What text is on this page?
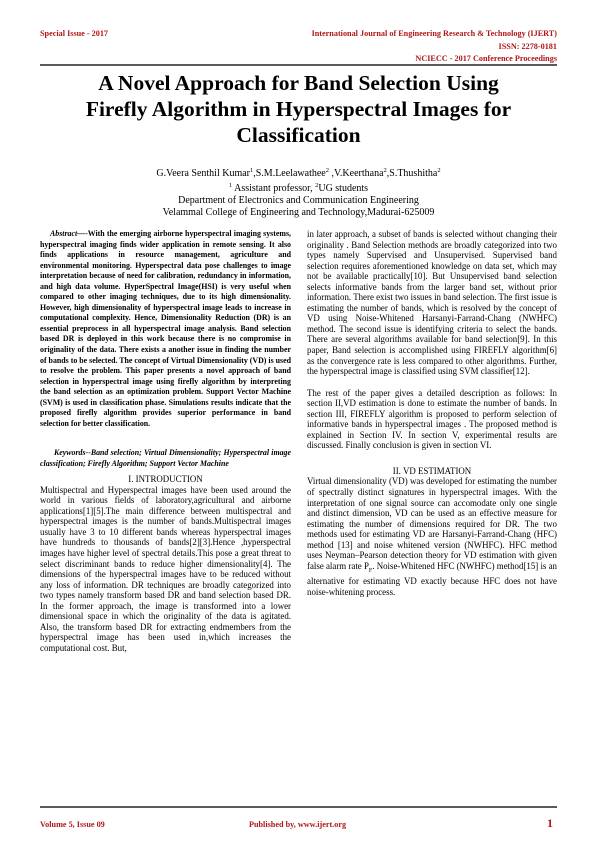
Special Issue - 2017	International Journal of Engineering Research & Technology (IJERT)
ISSN: 2278-0181
NCIECC - 2017 Conference Proceedings
A Novel Approach for Band Selection Using
Firefly Algorithm in Hyperspectral Images for
Classification
G.Veera Senthil Kumar$^1$,S.M.Leelawathee$^2$ ,V.Keerthana$^2$,S.Thushitha$^2$
$^1$ Assistant professor, $^2$UG students
Department of Electronics and Communication Engineering
Velammal College of Engineering and Technology,Madurai-625009

Abstract—-With the emerging airborne hyperspectral imaging systems, hyperspectral imaging finds wider application in remote sensing. It also finds applications in resource management, agriculture and environmental monitoring. Hyperspectral data pose challenges to image interpretation because of need for calibration, redundancy in information, and high data volume. HyperSpectral Image(HSI) is very useful when compared to other imaging techniques, due to its high dimensionality. However, high dimensionality of hyperspectral image leads to increase in computational complexity. Hence, Dimensionality Reduction (DR) is an essential preprocess in all hyperspectral image analysis. Band selection based DR is deployed in this work because there is no compromise in originality of the data. There exists a another issue in finding the number of bands to be selected. The concept of Virtual Dimensionality (VD) is used to resolve the problem. This paper presents a novel approach of band selection in hyperspectral image using firefly algorithm by interpreting the band selection as an optimization problem. Support Vector Machine (SVM) is used in classification phase. Simulations results indicate that the proposed firefly algorithm provides superior performance in band selection for better classification.

Keywords--Band selection; Virtual Dimensionality; Hyperspectral image classification; Firefly Algorithm; Support Vector Machine

I. INTRODUCTION

Multispectral and Hyperspectral images have been used around the world in various fields of laboratory,agricultural and airborne applications[1][5].The main difference between multispectral and hyperspectral images is the number of bands.Multispectral images usually have 3 to 10 different bands whereas hyperspectral images have hundreds to thousands of bands[2][3].Hence ,hyperspectral images have higher level of spectral details.This pose a great threat to select discriminant bands to reduce higher dimensionality[4]. The dimensions of the hyperspectral images have to be reduced without any loss of information. DR techniques are broadly categorized into two types namely transform based DR and band selection based DR. In the former approach, the image is transformed into a lower dimensional space in which the originality of the data is agitated. Also, the transform based DR for extracting endmembers from the hyperspectral image has been used in,which increases the computational cost. But,

in later approach, a subset of bands is selected without changing their originality . Band Selection methods are broadly categorized into two types namely Supervised and Unsupervised. Supervised band selection requires aforementioned knowledge on data set, which may not be available practically[10]. But Unsupervised band selection selects informative bands from the larger band set, without prior information. There exist two issues in band selection. The first issue is estimating the number of bands, which is resolved by the concept of VD using Noise-Whitened Harsanyi-Farrand-Chang (NWHFC) method. The second issue is identifying criteria to select the bands. There are several algorithms available for band selection[9]. In this paper, Band selection is accomplished using FIREFLY algorithm[6] as the convergence rate is less compared to other algorithms. Further, the hyperspectral image is classified using SVM classifier[12].

The rest of the paper gives a detailed description as follows: In section II,VD estimation is done to estimate the number of bands. In section III, FIREFLY algorithm is proposed to perform selection of informative bands in hyperspectral images . The proposed method is explained in Section IV. In section V, experimental results are discussed. Finally conclusion is given in section VI.

II. VD ESTIMATION

Virtual dimensionality (VD) was developed for estimating the number of spectrally distinct signatures in hyperspectral images. With the interpretation of one signal source can accomodate only one single and distinct dimension, VD can be used as an effective measure for estimating the number of dimensions required for DR. The two methods used for estimating VD are Harsanyi-Farrand-Chang (HFC) method [13] and noise whitened version (NWHFC). HFC method uses Neyman–Pearson detection theory for VD estimation with given false alarm rate $P_F$. Noise-Whitened HFC (NWHFC) method[15] is an alternative for estimating VD exactly because HFC does not have noise-whitening process.

Volume 5, Issue 09	Published by, www.ijert.org	1
